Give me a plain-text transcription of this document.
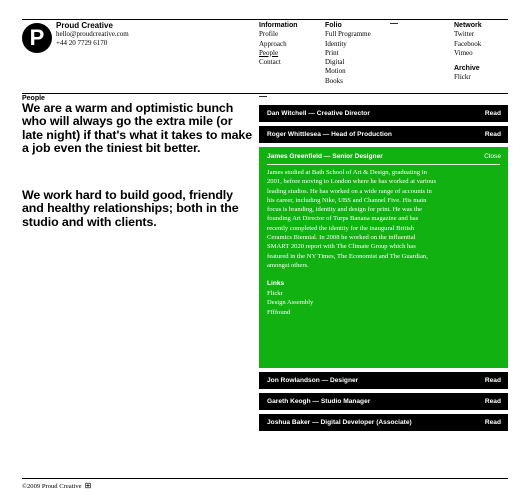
P Proud Creative
hello@proudcreative.com
+44 20 7729 6170
Information
Profile
Approach
People
Contact
Folio
Full Programme
Identity
Print
Digital
Motion
Books
—	Network
Twitter
Facebook
Vimeo
Archive
Flickr
People	—
We are a warm and optimistic bunch who will always go the extra mile (or late night) if that's what it takes to make a job even the tiniest bit better.
We work hard to build good, friendly and healthy relationships; both in the studio and with clients.
Dan Witchell — Creative Director	Read
Roger Whittlesea — Head of Production	Read
James Greenfield — Senior Designer	Close
James studied at Bath School of Art & Design, graduating in 2001, before moving to London where he has worked at various leading studios. He has worked on a wide range of accounts in his career, including Nike, UBS and Channel Five. His main focus is branding, identity and design for print. He was the founding Art Director of Turps Banana magazine and has recently completed the identity for the inaugural British Ceramics Biennial. In 2008 he worked on the influential SMART 2020 report with The Climate Group which has featured in the NY Times, The Economist and The Guardian, amongst others.
Links
Flickr
Design Assembly
Ffffound
Jon Rowlandson — Designer	Read
Gareth Keogh — Studio Manager	Read
Joshua Baker — Digital Developer (Associate)	Read
©2009 Proud Creative ⊞
